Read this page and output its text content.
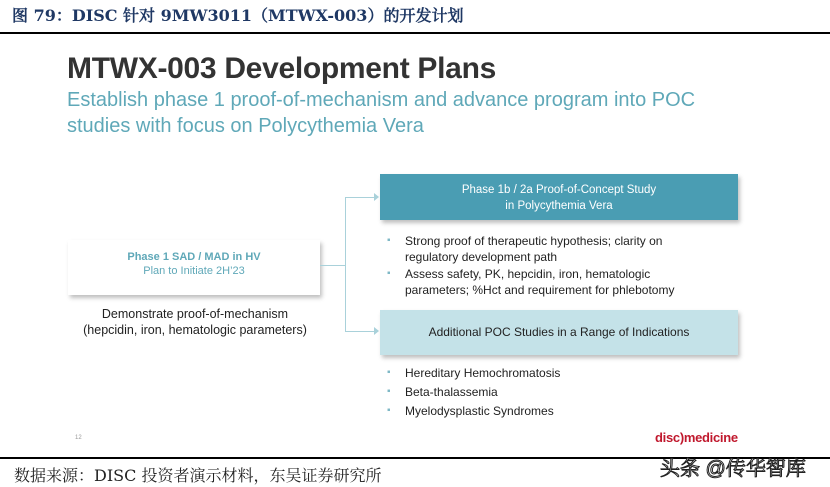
图 79：DISC 针对 9MW3011（MTWX-003）的开发计划
MTWX-003 Development Plans
Establish phase 1 proof-of-mechanism and advance program into POC
studies with focus on Polycythemia Vera
Phase 1 SAD / MAD in HV
Plan to Initiate 2H’23
Demonstrate proof-of-mechanism
(hepcidin, iron, hematologic parameters)
Phase 1b / 2a Proof-of-Concept Study
in Polycythemia Vera
▪ Strong proof of therapeutic hypothesis; clarity on
regulatory development path
▪ Assess safety, PK, hepcidin, iron, hematologic
parameters; %Hct and requirement for phlebotomy
Additional POC Studies in a Range of Indications
▪ Hereditary Hemochromatosis
▪ Beta-thalassemia
▪ Myelodysplastic Syndromes
12	disc)medicine
数据来源：DISC 投资者演示材料，东吴证券研究所	头条 @传华智库
